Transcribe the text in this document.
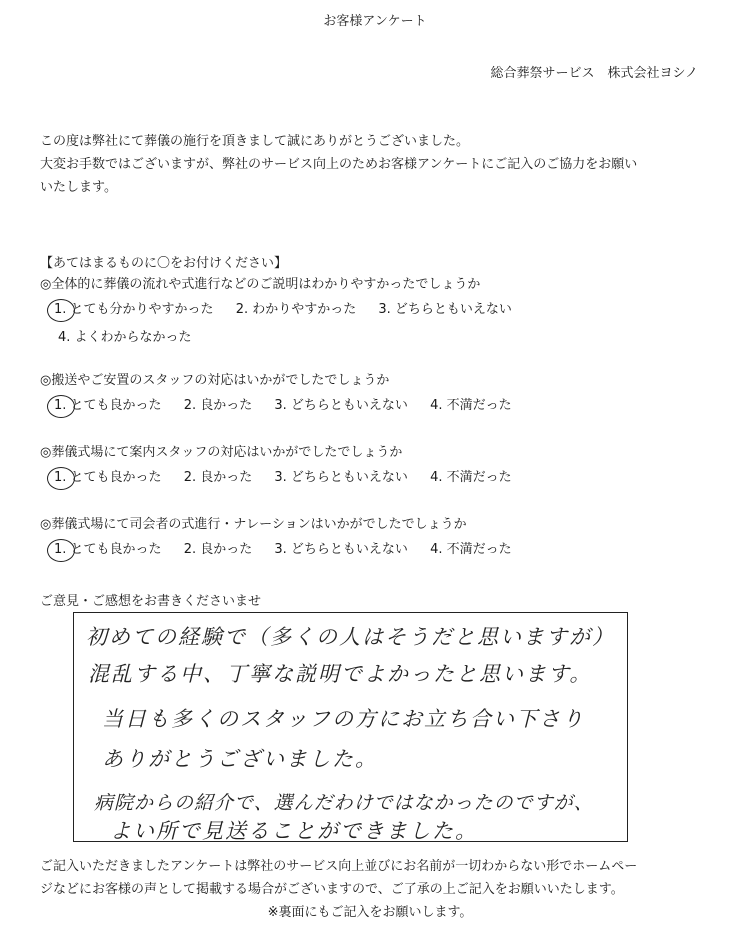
お客様アンケート
総合葬祭サービス　株式会社ヨシノ

この度は弊社にて葬儀の施行を頂きまして誠にありがとうございました。

大変お手数ではございますが、弊社のサービス向上のためお客様アンケートにご記入のご協力をお願い

いたします。

【あてはまるものに〇をお付けください】
◎全体的に葬儀の流れや式進行などのご説明はわかりやすかったでしょうか
1. とても分かりやすかった 2. わかりやすかった 3. どちらともいえない
4. よくわからなかった
◎搬送やご安置のスタッフの対応はいかがでしたでしょうか
1. とても良かった 2. 良かった 3. どちらともいえない 4. 不満だった
◎葬儀式場にて案内スタッフの対応はいかがでしたでしょうか
1. とても良かった 2. 良かった 3. どちらともいえない 4. 不満だった
◎葬儀式場にて司会者の式進行・ナレーションはいかがでしたでしょうか
1. とても良かった 2. 良かった 3. どちらともいえない 4. 不満だった
ご意見・ご感想をお書きくださいませ
初めての経験で（多くの人はそうだと思いますが）
混乱する中、丁寧な説明でよかったと思います。
当日も多くのスタッフの方にお立ち合い下さり
ありがとうございました。
病院からの紹介で、選んだわけではなかったのですが、
よい所で見送ることができました。

ご記入いただきましたアンケートは弊社のサービス向上並びにお名前が一切わからない形でホームペー

ジなどにお客様の声として掲載する場合がございますので、ご了承の上ご記入をお願いいたします。

※裏面にもご記入をお願いします。
